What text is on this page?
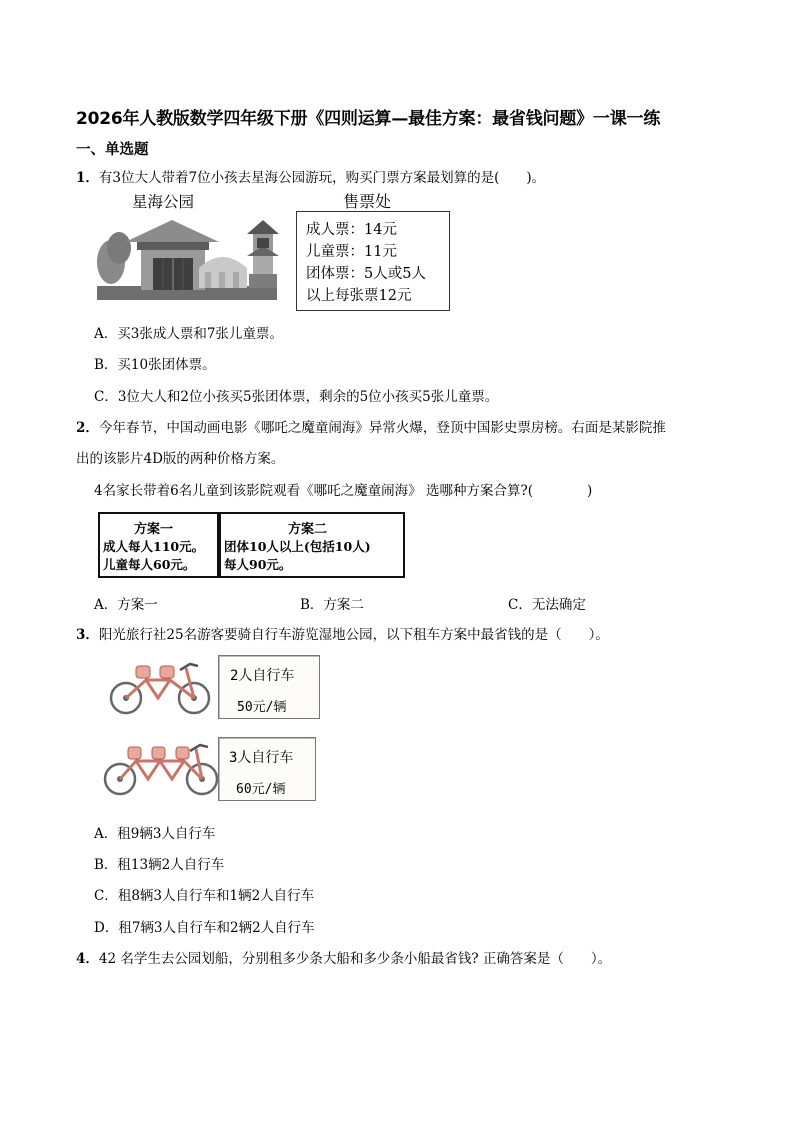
2026年人教版数学四年级下册《四则运算—最佳方案：最省钱问题》一课一练
一、单选题
1．有3位大人带着7位小孩去星海公园游玩，购买门票方案最划算的是(　　)。
星海公园	售票处
成人票：14元
儿童票：11元
团体票：5人或5人
以上每张票12元
A．买3张成人票和7张儿童票。
B．买10张团体票。
C．3位大人和2位小孩买5张团体票，剩余的5位小孩买5张儿童票。
2．今年春节，中国动画电影《哪吒之魔童闹海》异常火爆，登顶中国影史票房榜。右面是某影院推
出的该影片4D版的两种价格方案。
4名家长带着6名儿童到该影院观看《哪吒之魔童闹海》 选哪种方案合算?(　　　　)
方案一
成人每人110元。
儿童每人60元。
方案二
团体10人以上(包括10人)
每人90元。
A．方案一	B．方案二	C．无法确定
3．阳光旅行社25名游客要骑自行车游览湿地公园，以下租车方案中最省钱的是（　　）。
2人自行车
50元/辆
3人自行车
60元/辆
A．租9辆3人自行车
B．租13辆2人自行车
C．租8辆3人自行车和1辆2人自行车
D．租7辆3人自行车和2辆2人自行车
4．42 名学生去公园划船，分别租多少条大船和多少条小船最省钱? 正确答案是（　　）。
